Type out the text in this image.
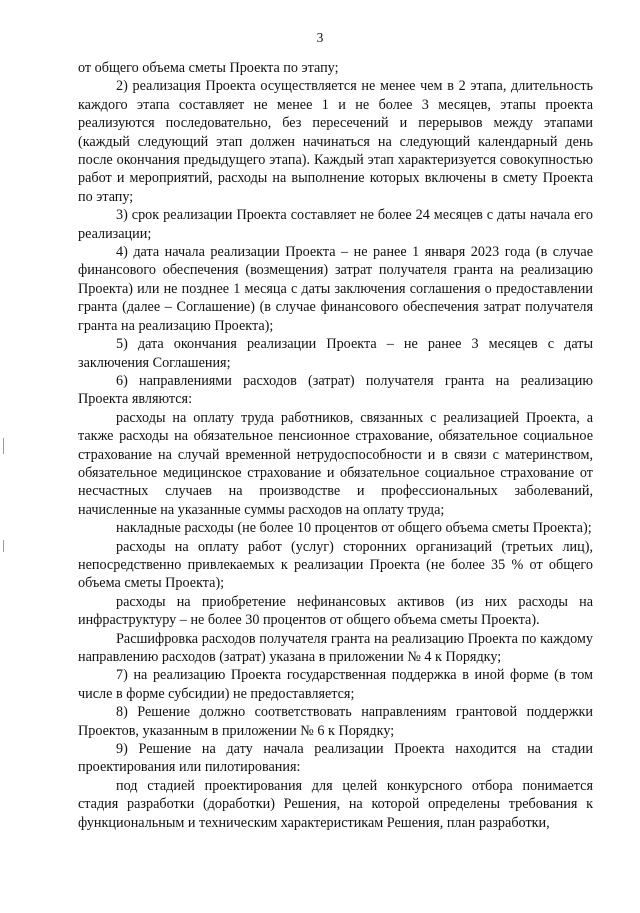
3

от общего объема сметы Проекта по этапу;

2) реализация Проекта осуществляется не менее чем в 2 этапа, длительность каждого этапа составляет не менее 1 и не более 3 месяцев, этапы проекта реализуются последовательно, без пересечений и перерывов между этапами (каждый следующий этап должен начинаться на следующий календарный день после окончания предыдущего этапа). Каждый этап характеризуется совокупностью работ и мероприятий, расходы на выполнение которых включены в смету Проекта по этапу;

3) срок реализации Проекта составляет не более 24 месяцев с даты начала его реализации;

4) дата начала реализации Проекта – не ранее 1 января 2023 года (в случае финансового обеспечения (возмещения) затрат получателя гранта на реализацию Проекта) или не позднее 1 месяца с даты заключения соглашения о предоставлении гранта (далее – Соглашение) (в случае финансового обеспечения затрат получателя гранта на реализацию Проекта);

5) дата окончания реализации Проекта – не ранее 3 месяцев с даты заключения Соглашения;

6) направлениями расходов (затрат) получателя гранта на реализацию Проекта являются:

расходы на оплату труда работников, связанных с реализацией Проекта, а также расходы на обязательное пенсионное страхование, обязательное социальное страхование на случай временной нетрудоспособности и в связи с материнством, обязательное медицинское страхование и обязательное социальное страхование от несчастных случаев на производстве и профессиональных заболеваний, начисленные на указанные суммы расходов на оплату труда;

накладные расходы (не более 10 процентов от общего объема сметы Проекта);

расходы на оплату работ (услуг) сторонних организаций (третьих лиц), непосредственно привлекаемых к реализации Проекта (не более 35 % от общего объема сметы Проекта);

расходы на приобретение нефинансовых активов (из них расходы на инфраструктуру – не более 30 процентов от общего объема сметы Проекта).

Расшифровка расходов получателя гранта на реализацию Проекта по каждому направлению расходов (затрат) указана в приложении № 4 к Порядку;

7) на реализацию Проекта государственная поддержка в иной форме (в том числе в форме субсидии) не предоставляется;

8) Решение должно соответствовать направлениям грантовой поддержки Проектов, указанным в приложении № 6 к Порядку;

9) Решение на дату начала реализации Проекта находится на стадии проектирования или пилотирования:

под стадией проектирования для целей конкурсного отбора понимается стадия разработки (доработки) Решения, на которой определены требования к функциональным и техническим характеристикам Решения, план разработки,
